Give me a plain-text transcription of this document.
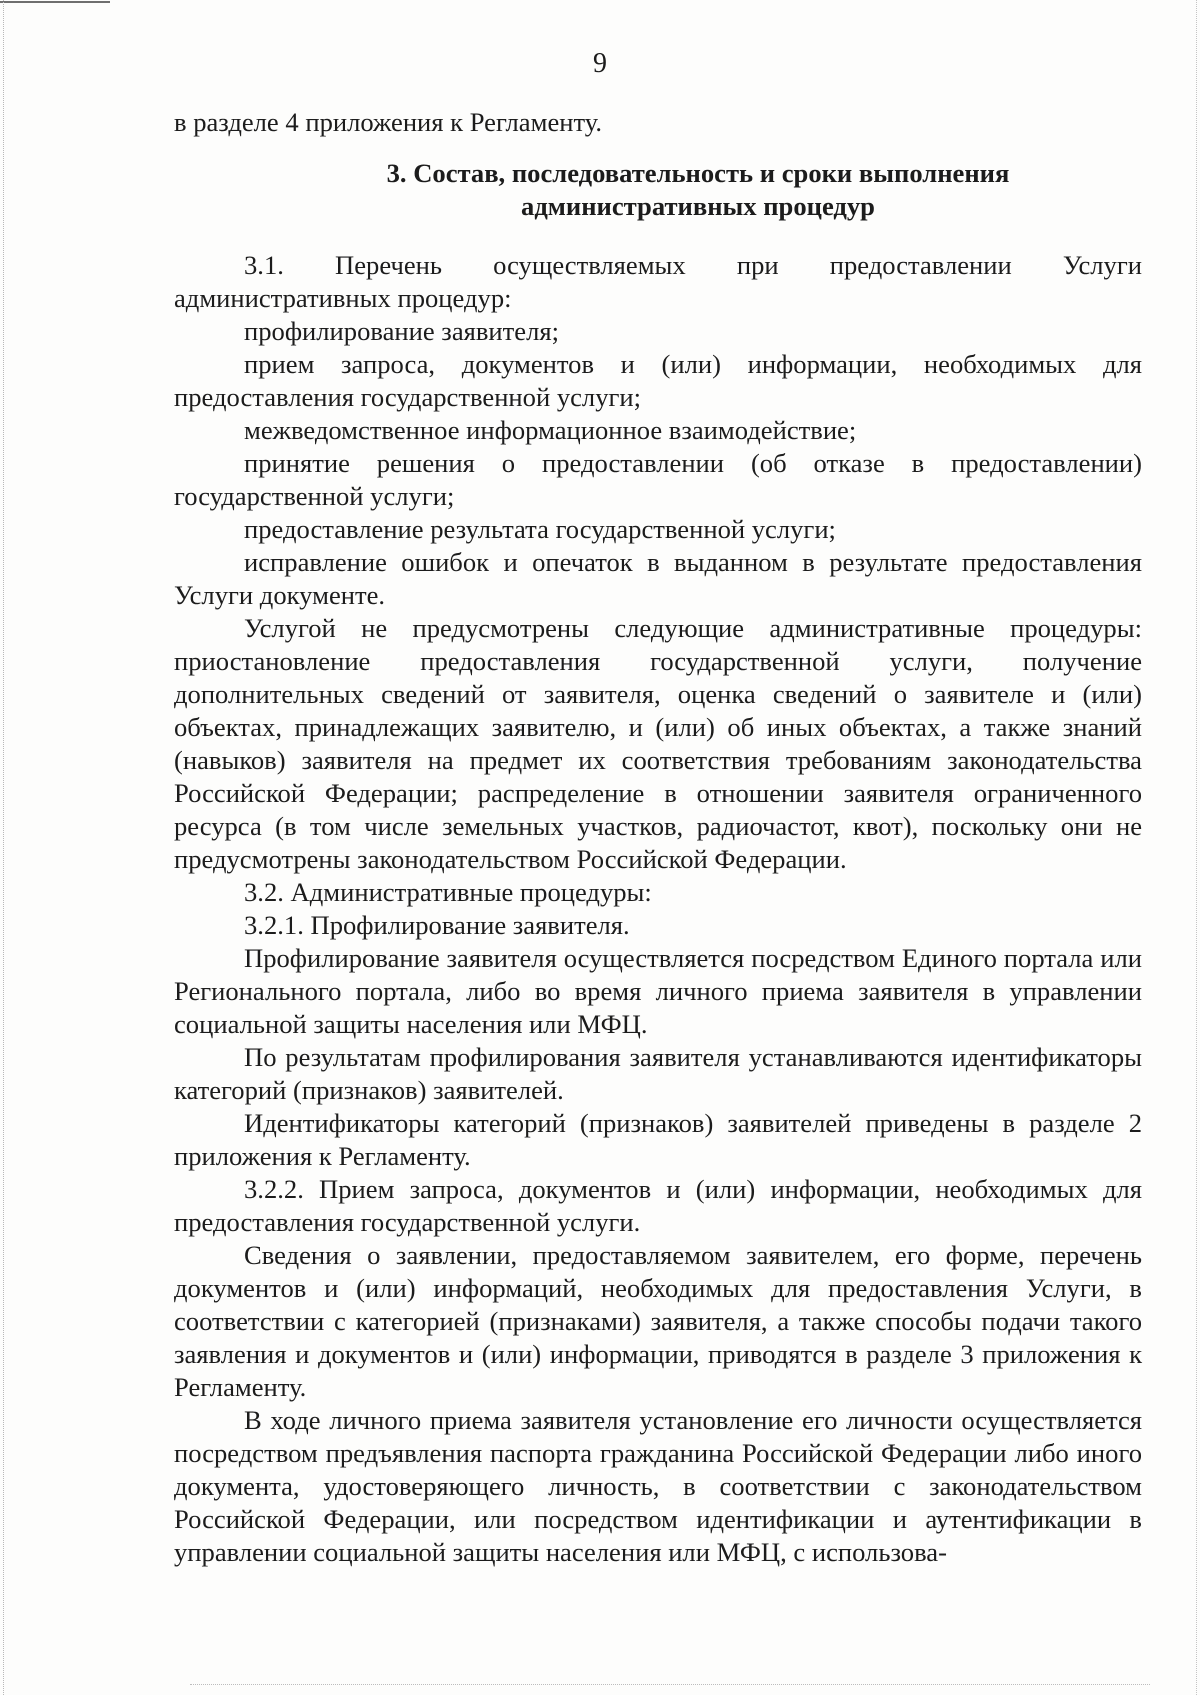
9

в разделе 4 приложения к Регламенту.

3. Состав, последовательность и сроки выполнения
административных процедур

3.1. Перечень осуществляемых при предоставлении Услуги административных процедур:

профилирование заявителя;

прием запроса, документов и (или) информации, необходимых для предоставления государственной услуги;

межведомственное информационное взаимодействие;

принятие решения о предоставлении (об отказе в предоставлении) государственной услуги;

предоставление результата государственной услуги;

исправление ошибок и опечаток в выданном в результате предоставления Услуги документе.

Услугой не предусмотрены следующие административные процедуры: приостановление предоставления государственной услуги, получение дополнительных сведений от заявителя, оценка сведений о заявителе и (или) объектах, принадлежащих заявителю, и (или) об иных объектах, а также знаний (навыков) заявителя на предмет их соответствия требованиям законодательства Российской Федерации; распределение в отношении заявителя ограниченного ресурса (в том числе земельных участков, радиочастот, квот), поскольку они не предусмотрены законодательством Российской Федерации.

3.2. Административные процедуры:

3.2.1. Профилирование заявителя.

Профилирование заявителя осуществляется посредством Единого портала или Регионального портала, либо во время личного приема заявителя в управлении социальной защиты населения или МФЦ.

По результатам профилирования заявителя устанавливаются идентификаторы категорий (признаков) заявителей.

Идентификаторы категорий (признаков) заявителей приведены в разделе 2 приложения к Регламенту.

3.2.2. Прием запроса, документов и (или) информации, необходимых для предоставления государственной услуги.

Сведения о заявлении, предоставляемом заявителем, его форме, перечень документов и (или) информаций, необходимых для предоставления Услуги, в соответствии с категорией (признаками) заявителя, а также способы подачи такого заявления и документов и (или) информации, приводятся в разделе 3 приложения к Регламенту.

В ходе личного приема заявителя установление его личности осуществляется посредством предъявления паспорта гражданина Российской Федерации либо иного документа, удостоверяющего личность, в соответствии с законодательством Российской Федерации, или посредством идентификации и аутентификации в управлении социальной защиты населения или МФЦ, с использова-
